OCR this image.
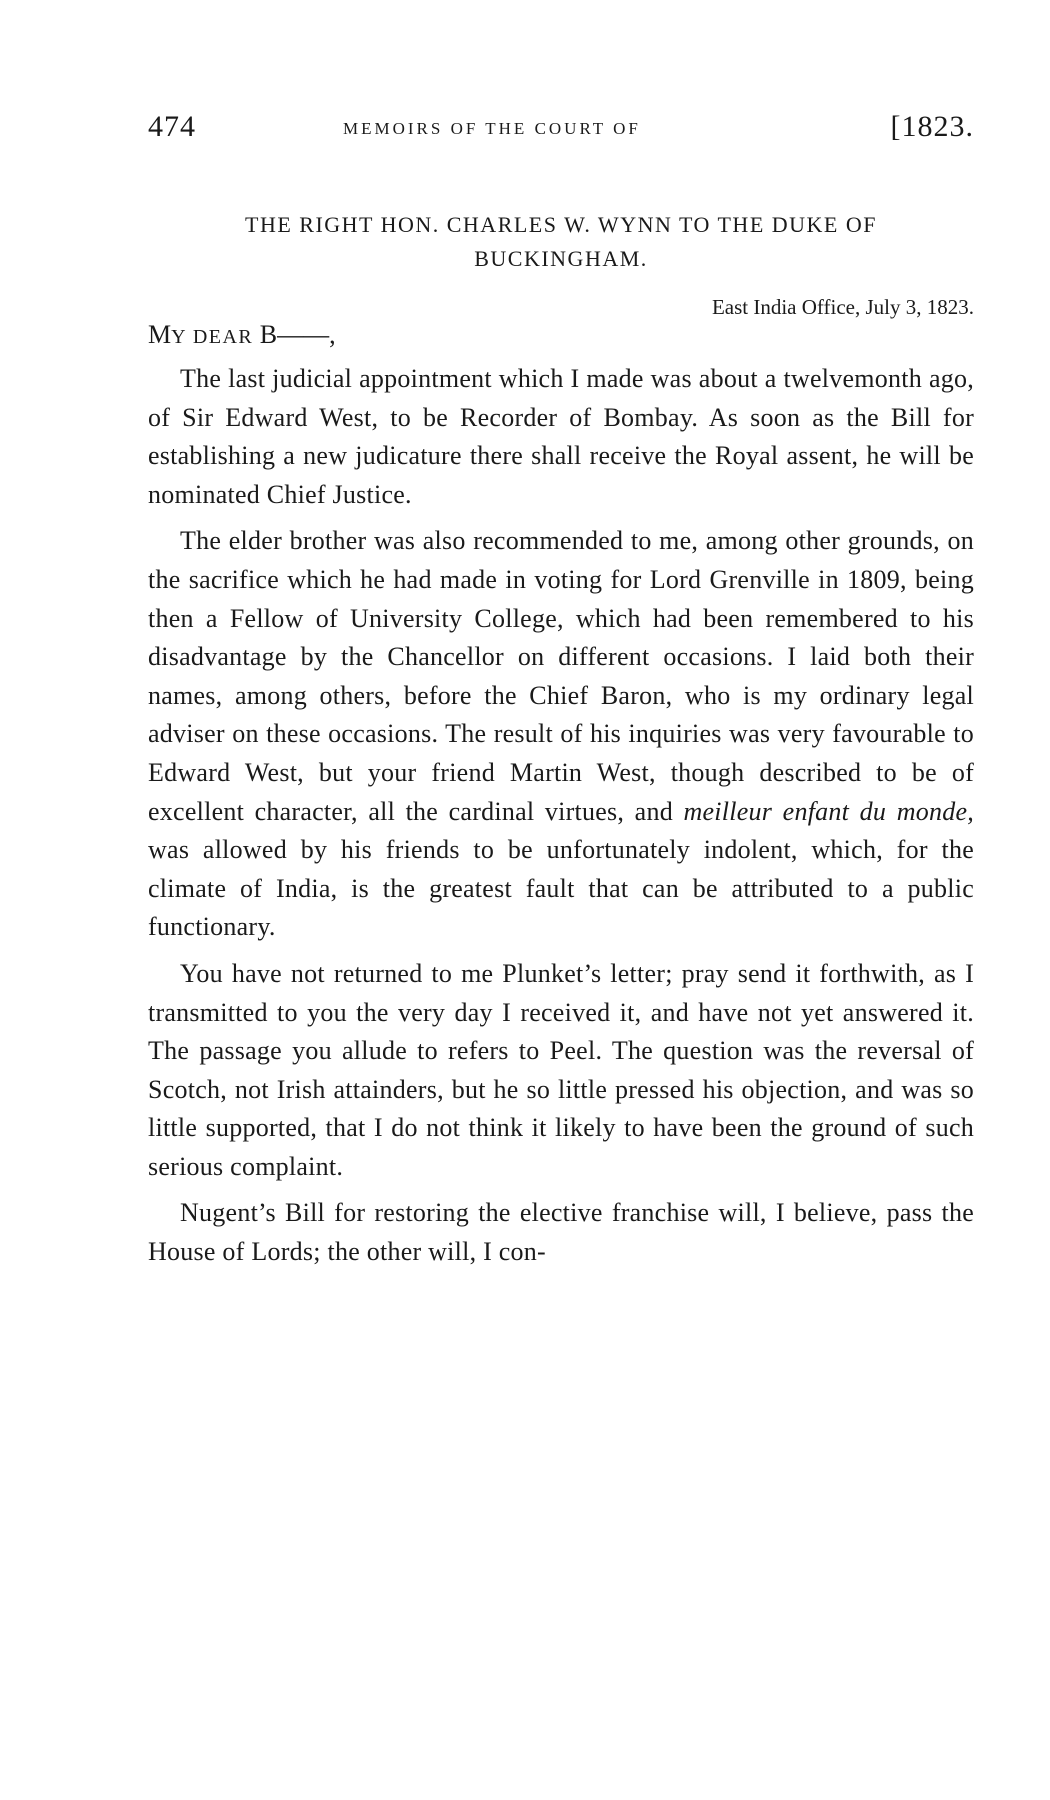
474	MEMOIRS OF THE COURT OF	[1823.
THE RIGHT HON. CHARLES W. WYNN TO THE DUKE OF BUCKINGHAM.
East India Office, July 3, 1823.
MY DEAR B——,

The last judicial appointment which I made was about a twelvemonth ago, of Sir Edward West, to be Recorder of Bombay. As soon as the Bill for establishing a new judicature there shall receive the Royal assent, he will be nominated Chief Justice.

The elder brother was also recommended to me, among other grounds, on the sacrifice which he had made in voting for Lord Grenville in 1809, being then a Fellow of University College, which had been remembered to his disadvantage by the Chancellor on different occasions. I laid both their names, among others, before the Chief Baron, who is my ordinary legal adviser on these occasions. The result of his inquiries was very favourable to Edward West, but your friend Martin West, though described to be of excellent character, all the cardinal virtues, and meilleur enfant du monde, was allowed by his friends to be unfortunately indolent, which, for the climate of India, is the greatest fault that can be attributed to a public functionary.

You have not returned to me Plunket’s letter; pray send it forthwith, as I transmitted to you the very day I received it, and have not yet answered it. The passage you allude to refers to Peel. The question was the reversal of Scotch, not Irish attainders, but he so little pressed his objection, and was so little supported, that I do not think it likely to have been the ground of such serious complaint.

Nugent’s Bill for restoring the elective franchise will, I believe, pass the House of Lords; the other will, I con-
